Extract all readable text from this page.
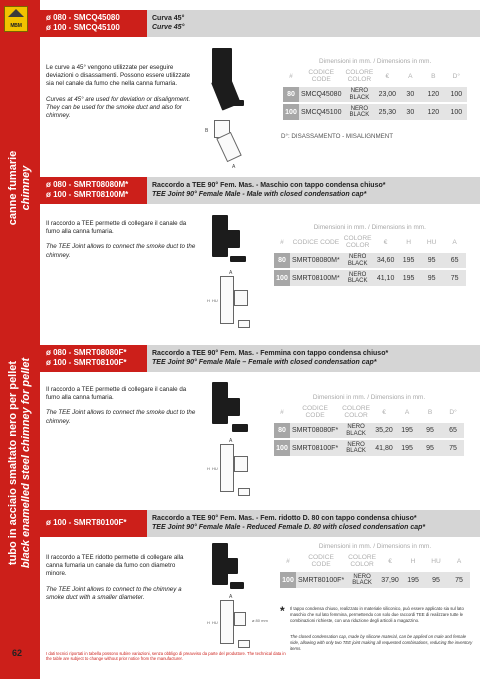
MBM
canne fumarie chimney
tubo in acciaio smaltato nero per pellet black enamelled steel chimney for pellet
62
ø 080 - SMCQ45080
ø 100 - SMCQ45100
Curva 45°
Curve 45°
Le curve a 45° vengono utilizzate per eseguire deviazioni o disassamenti. Possono essere utilizzate sia nel canale da fumo che nella canna fumaria.
Curves at 45° are used for deviation or disalignment. They can be used for the smoke duct and also for chimney.
B
A
Dimensioni in mm. / Dimensions in mm.
#	CODICE CODE	COLORE COLOR	€	A	B	D°
80	SMCQ45080	NERO BLACK	23,00	30	120	100
100	SMCQ45100	NERO BLACK	25,30	30	120	100
D°: DISASSAMENTO - MISALIGNMENT
ø 080 - SMRT08080M*
ø 100 - SMRT08100M*
Raccordo a TEE 90° Fem. Mas. - Maschio con tappo condensa chiuso*
TEE Joint 90° Female Male - Male with closed condensation cap*
Il raccordo a TEE permette di collegare il canale da fumo alla canna fumaria.
The TEE Joint allows to connect the smoke duct to the chimney.
A
H HU
Dimensioni in mm. / Dimensions in mm.
#	CODICE CODE	COLORE COLOR	€	H	HU	A
80	SMRT08080M*	NERO BLACK	34,60	195	95	65
100	SMRT08100M*	NERO BLACK	41,10	195	95	75
ø 080 - SMRT08080F*
ø 100 - SMRT08100F*
Raccordo a TEE 90° Fem. Mas. - Femmina con tappo condensa chiuso*
TEE Joint 90° Female Male – Female with closed condensation cap*
Il raccordo a TEE permette di collegare il canale da fumo alla canna fumaria.
The TEE Joint allows to connect the smoke duct to the chimney.
A
H HU
Dimensioni in mm. / Dimensions in mm.
#	CODICE CODE	COLORE COLOR	€	A	B	D°
80	SMRT08080F*	NERO BLACK	35,20	195	95	65
100	SMRT08100F*	NERO BLACK	41,80	195	95	75
ø 100 - SMRT80100F*	Raccordo a TEE 90° Fem. Mas. - Fem. ridotto D. 80 con tappo condensa chiuso*
TEE Joint 90° Female Male - Reduced Female D. 80 with closed condensation cap*
Il raccordo a TEE ridotto permette di collegare alla canna fumaria un canale da fumo con diametro minore.
The TEE Joint allows to connect to the chimney a smoke duct with a smaller diameter.	A
H HU	ø 80 mm
Dimensioni in mm. / Dimensions in mm.
#	CODICE CODE	COLORE COLOR	€	H	HU	A
100	SMRT80100F*	NERO BLACK	37,90	195	95	75
* Il tappo condensa chiuso, realizzato in materiale siliconico, può essere applicato sia sul lato maschio che sul lato femmina, permettendo con solo due raccordi TEE di realizzare tutte le combinazioni richieste, con una riduzione degli articoli a magazzino.
The closed condensation cap, made by silicone material, can be applied on male and female side, allowing with only two TEE joint making all requested combinations, reducing the inventory items.
I dati tecnici riportati in tabella possono subire variazioni, senza obbligo di preavviso da parte del produttore. The technical data in the table are subject to change without prior notice from the manufacturer.
